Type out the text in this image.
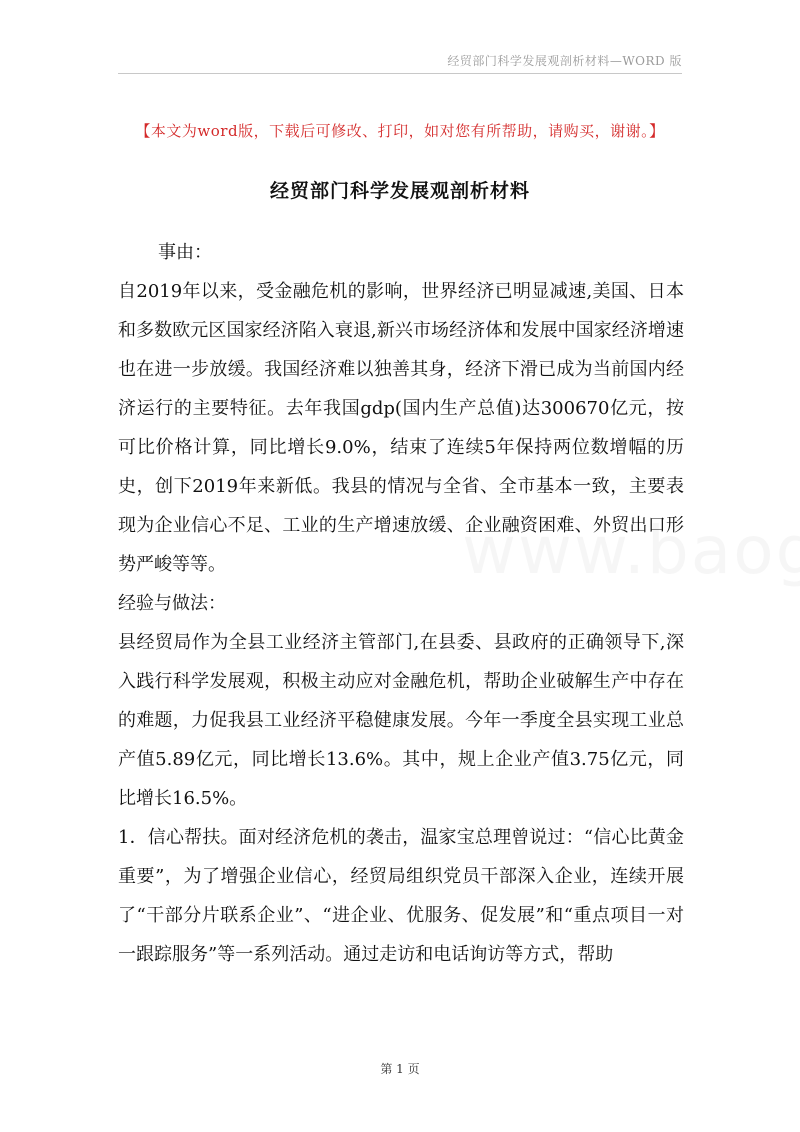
经贸部门科学发展观剖析材料—WORD 版
【本文为word版，下载后可修改、打印，如对您有所帮助，请购买，谢谢。】
经贸部门科学发展观剖析材料

事由：

自2019年以来，受金融危机的影响，世界经济已明显减速,美国、日本和多数欧元区国家经济陷入衰退,新兴市场经济体和发展中国家经济增速也在进一步放缓。我国经济难以独善其身，经济下滑已成为当前国内经济运行的主要特征。去年我国gdp(国内生产总值)达300670亿元，按可比价格计算，同比增长9.0%，结束了连续5年保持两位数增幅的历史，创下2019年来新低。我县的情况与全省、全市基本一致，主要表现为企业信心不足、工业的生产增速放缓、企业融资困难、外贸出口形势严峻等等。

经验与做法：

县经贸局作为全县工业经济主管部门,在县委、县政府的正确领导下,深入践行科学发展观，积极主动应对金融危机，帮助企业破解生产中存在的难题，力促我县工业经济平稳健康发展。今年一季度全县实现工业总产值5.89亿元，同比增长13.6%。其中，规上企业产值3.75亿元，同比增长16.5%。

1．信心帮扶。面对经济危机的袭击，温家宝总理曾说过：“信心比黄金重要”，为了增强企业信心，经贸局组织党员干部深入企业，连续开展了“干部分片联系企业”、“进企业、优服务、促发展”和“重点项目一对一跟踪服务”等一系列活动。通过走访和电话询访等方式，帮助

第 1 页
